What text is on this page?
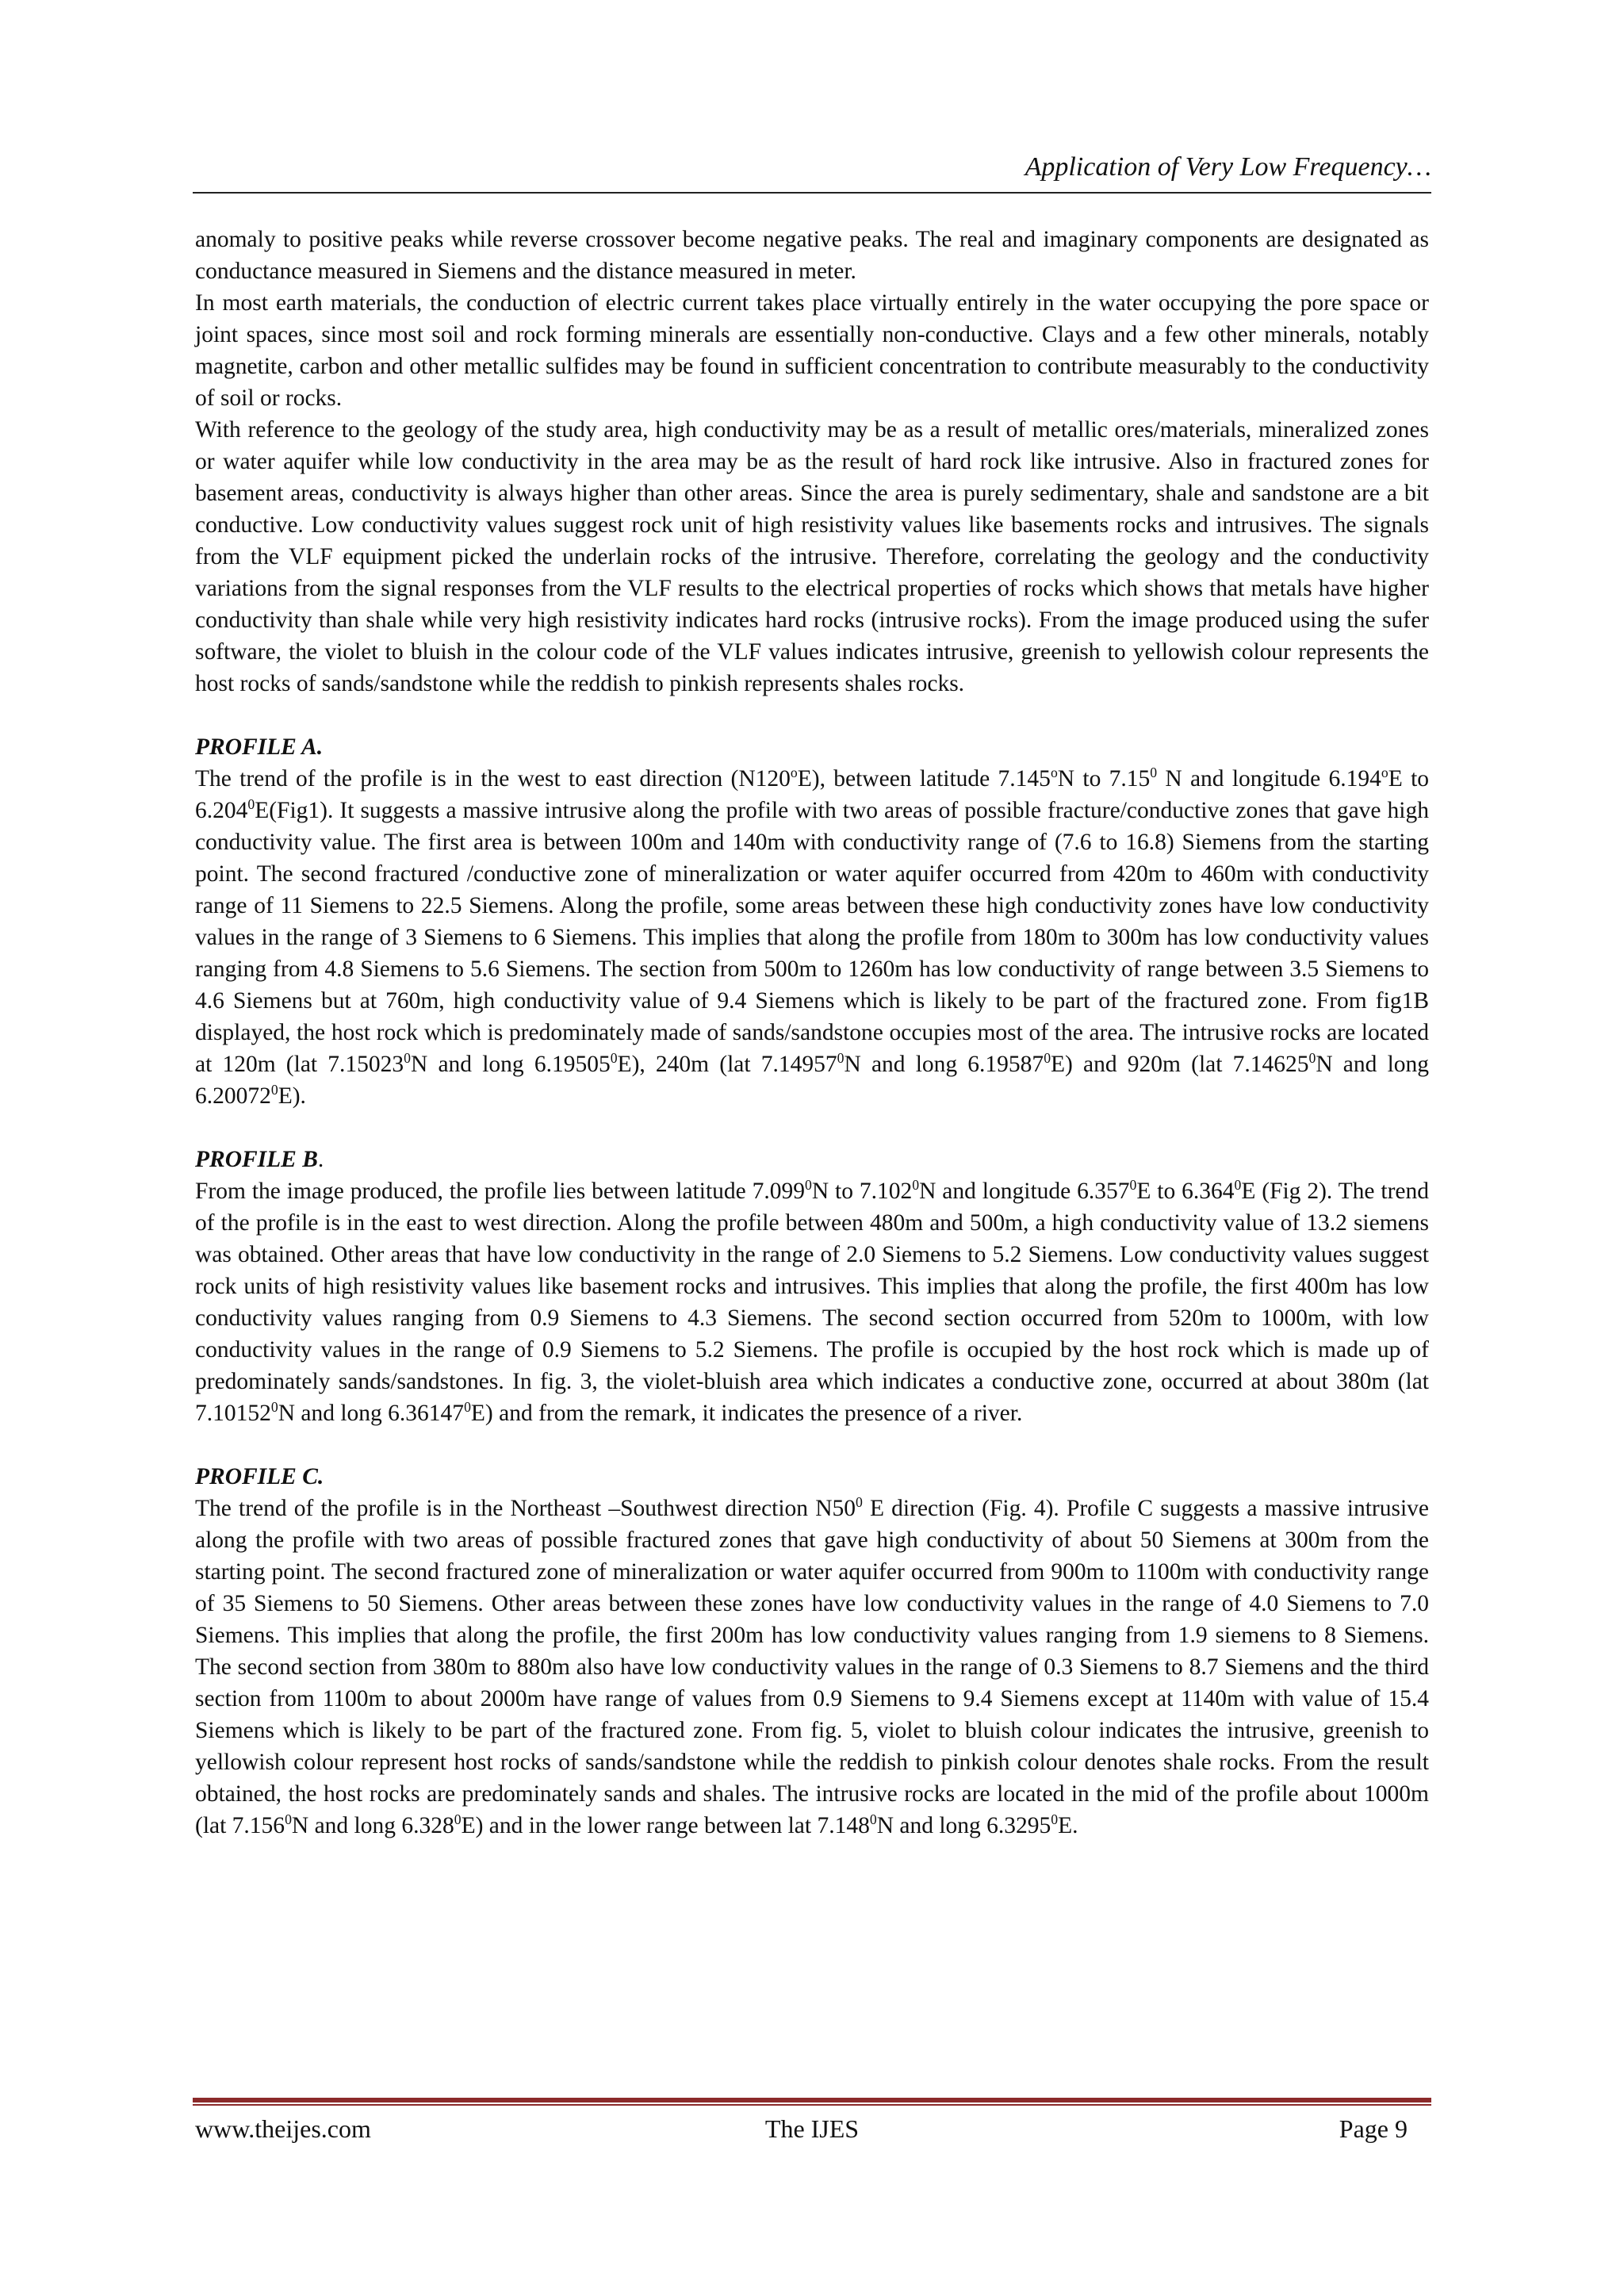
Application of Very Low Frequency…

anomaly to positive peaks while reverse crossover become negative peaks. The real and imaginary components are designated as conductance measured in Siemens and the distance measured in meter.

In most earth materials, the conduction of electric current takes place virtually entirely in the water occupying the pore space or joint spaces, since most soil and rock forming minerals are essentially non-conductive. Clays and a few other minerals, notably magnetite, carbon and other metallic sulfides may be found in sufficient concentration to contribute measurably to the conductivity of soil or rocks.

With reference to the geology of the study area, high conductivity may be as a result of metallic ores/materials, mineralized zones or water aquifer while low conductivity in the area may be as the result of hard rock like intrusive. Also in fractured zones for basement areas, conductivity is always higher than other areas. Since the area is purely sedimentary, shale and sandstone are a bit conductive. Low conductivity values suggest rock unit of high resistivity values like basements rocks and intrusives. The signals from the VLF equipment picked the underlain rocks of the intrusive. Therefore, correlating the geology and the conductivity variations from the signal responses from the VLF results to the electrical properties of rocks which shows that metals have higher conductivity than shale while very high resistivity indicates hard rocks (intrusive rocks). From the image produced using the sufer software, the violet to bluish in the colour code of the VLF values indicates intrusive, greenish to yellowish colour represents the host rocks of sands/sandstone while the reddish to pinkish represents shales rocks.

PROFILE A.

The trend of the profile is in the west to east direction (N120$^o$E), between latitude 7.145$^o$N to 7.15$^0$ N and longitude 6.194$^o$E to 6.204$^0$E(Fig1). It suggests a massive intrusive along the profile with two areas of possible fracture/conductive zones that gave high conductivity value. The first area is between 100m and 140m with conductivity range of (7.6 to 16.8) Siemens from the starting point. The second fractured /conductive zone of mineralization or water aquifer occurred from 420m to 460m with conductivity range of 11 Siemens to 22.5 Siemens. Along the profile, some areas between these high conductivity zones have low conductivity values in the range of 3 Siemens to 6 Siemens. This implies that along the profile from 180m to 300m has low conductivity values ranging from 4.8 Siemens to 5.6 Siemens. The section from 500m to 1260m has low conductivity of range between 3.5 Siemens to 4.6 Siemens but at 760m, high conductivity value of 9.4 Siemens which is likely to be part of the fractured zone. From fig1B displayed, the host rock which is predominately made of sands/sandstone occupies most of the area. The intrusive rocks are located at 120m (lat 7.15023$^0$N and long 6.19505$^0$E), 240m (lat 7.14957$^0$N and long 6.19587$^0$E) and 920m (lat 7.14625$^0$N and long 6.20072$^0$E).

PROFILE B.

From the image produced, the profile lies between latitude 7.099$^0$N to 7.102$^0$N and longitude 6.357$^0$E to 6.364$^0$E (Fig 2). The trend of the profile is in the east to west direction. Along the profile between 480m and 500m, a high conductivity value of 13.2 siemens was obtained. Other areas that have low conductivity in the range of 2.0 Siemens to 5.2 Siemens. Low conductivity values suggest rock units of high resistivity values like basement rocks and intrusives. This implies that along the profile, the first 400m has low conductivity values ranging from 0.9 Siemens to 4.3 Siemens. The second section occurred from 520m to 1000m, with low conductivity values in the range of 0.9 Siemens to 5.2 Siemens. The profile is occupied by the host rock which is made up of predominately sands/sandstones. In fig. 3, the violet-bluish area which indicates a conductive zone, occurred at about 380m (lat 7.10152$^0$N and long 6.36147$^0$E) and from the remark, it indicates the presence of a river.

PROFILE C.

The trend of the profile is in the Northeast –Southwest direction $N50^0$ E direction (Fig. 4). Profile C suggests a massive intrusive along the profile with two areas of possible fractured zones that gave high conductivity of about 50 Siemens at 300m from the starting point. The second fractured zone of mineralization or water aquifer occurred from 900m to 1100m with conductivity range of 35 Siemens to 50 Siemens. Other areas between these zones have low conductivity values in the range of 4.0 Siemens to 7.0 Siemens. This implies that along the profile, the first 200m has low conductivity values ranging from 1.9 siemens to 8 Siemens. The second section from 380m to 880m also have low conductivity values in the range of 0.3 Siemens to 8.7 Siemens and the third section from 1100m to about 2000m have range of values from 0.9 Siemens to 9.4 Siemens except at 1140m with value of 15.4 Siemens which is likely to be part of the fractured zone. From fig. 5, violet to bluish colour indicates the intrusive, greenish to yellowish colour represent host rocks of sands/sandstone while the reddish to pinkish colour denotes shale rocks. From the result obtained, the host rocks are predominately sands and shales. The intrusive rocks are located in the mid of the profile about 1000m (lat 7.156$^0$N and long 6.328$^0$E) and in the lower range between lat 7.148$^0$N and long 6.3295$^0$E.

www.theijes.com	The IJES	Page 9
